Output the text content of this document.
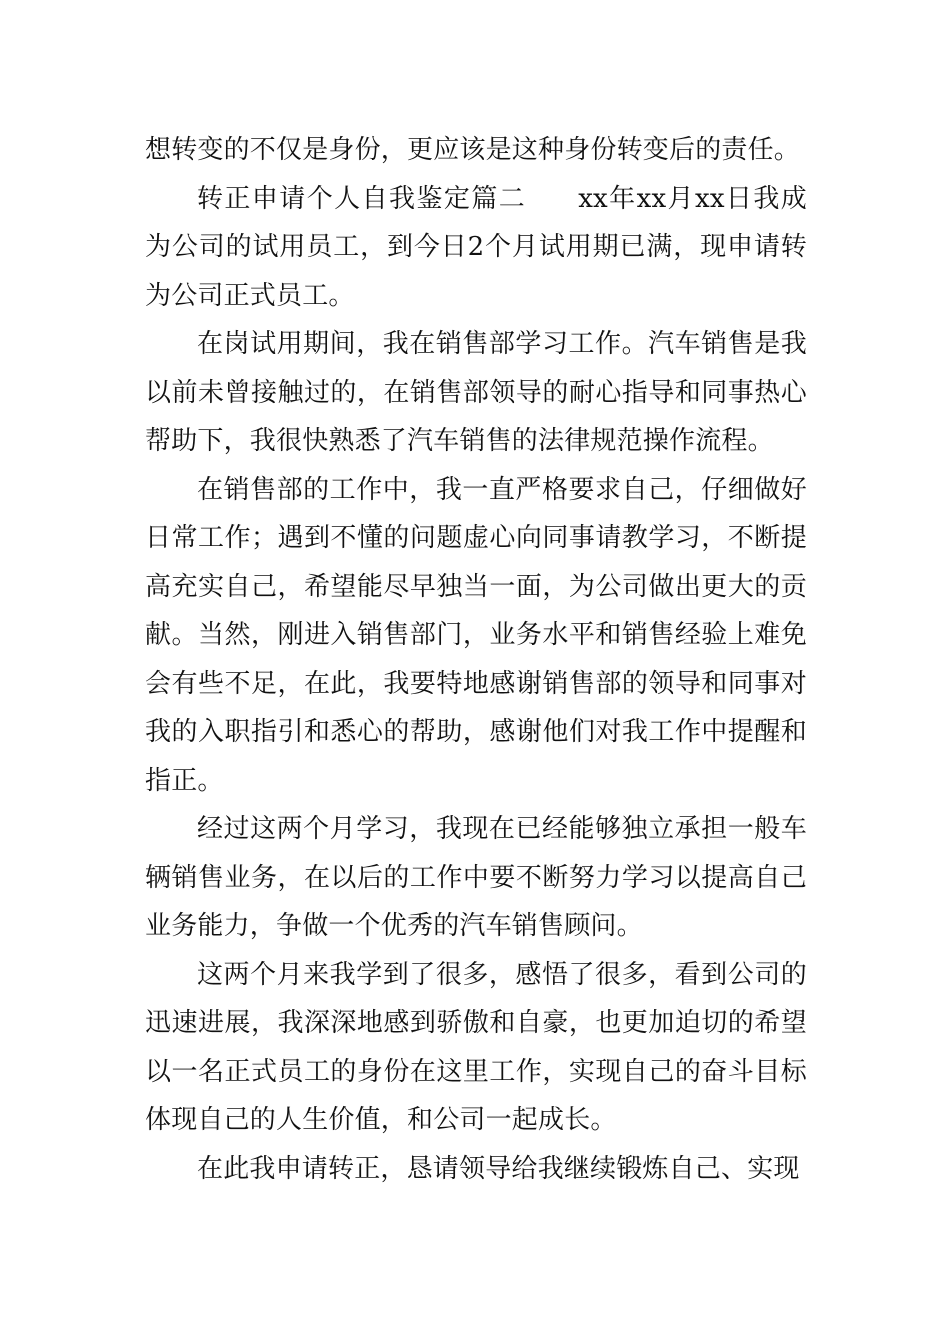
想转变的不仅是身份，更应该是这种身份转变后的责任。

转正申请个人自我鉴定篇二 xx年xx月xx日我成为公司的试用员工，到今日2个月试用期已满，现申请转为公司正式员工。

在岗试用期间，我在销售部学习工作。汽车销售是我以前未曾接触过的，在销售部领导的耐心指导和同事热心帮助下，我很快熟悉了汽车销售的法律规范操作流程。

在销售部的工作中，我一直严格要求自己，仔细做好日常工作；遇到不懂的问题虚心向同事请教学习，不断提高充实自己，希望能尽早独当一面，为公司做出更大的贡献。当然，刚进入销售部门，业务水平和销售经验上难免会有些不足，在此，我要特地感谢销售部的领导和同事对我的入职指引和悉心的帮助，感谢他们对我工作中提醒和指正。

经过这两个月学习，我现在已经能够独立承担一般车辆销售业务，在以后的工作中要不断努力学习以提高自己业务能力，争做一个优秀的汽车销售顾问。

这两个月来我学到了很多，感悟了很多，看到公司的迅速进展，我深深地感到骄傲和自豪，也更加迫切的希望以一名正式员工的身份在这里工作，实现自己的奋斗目标体现自己的人生价值，和公司一起成长。

在此我申请转正，恳请领导给我继续锻炼自己、实现
